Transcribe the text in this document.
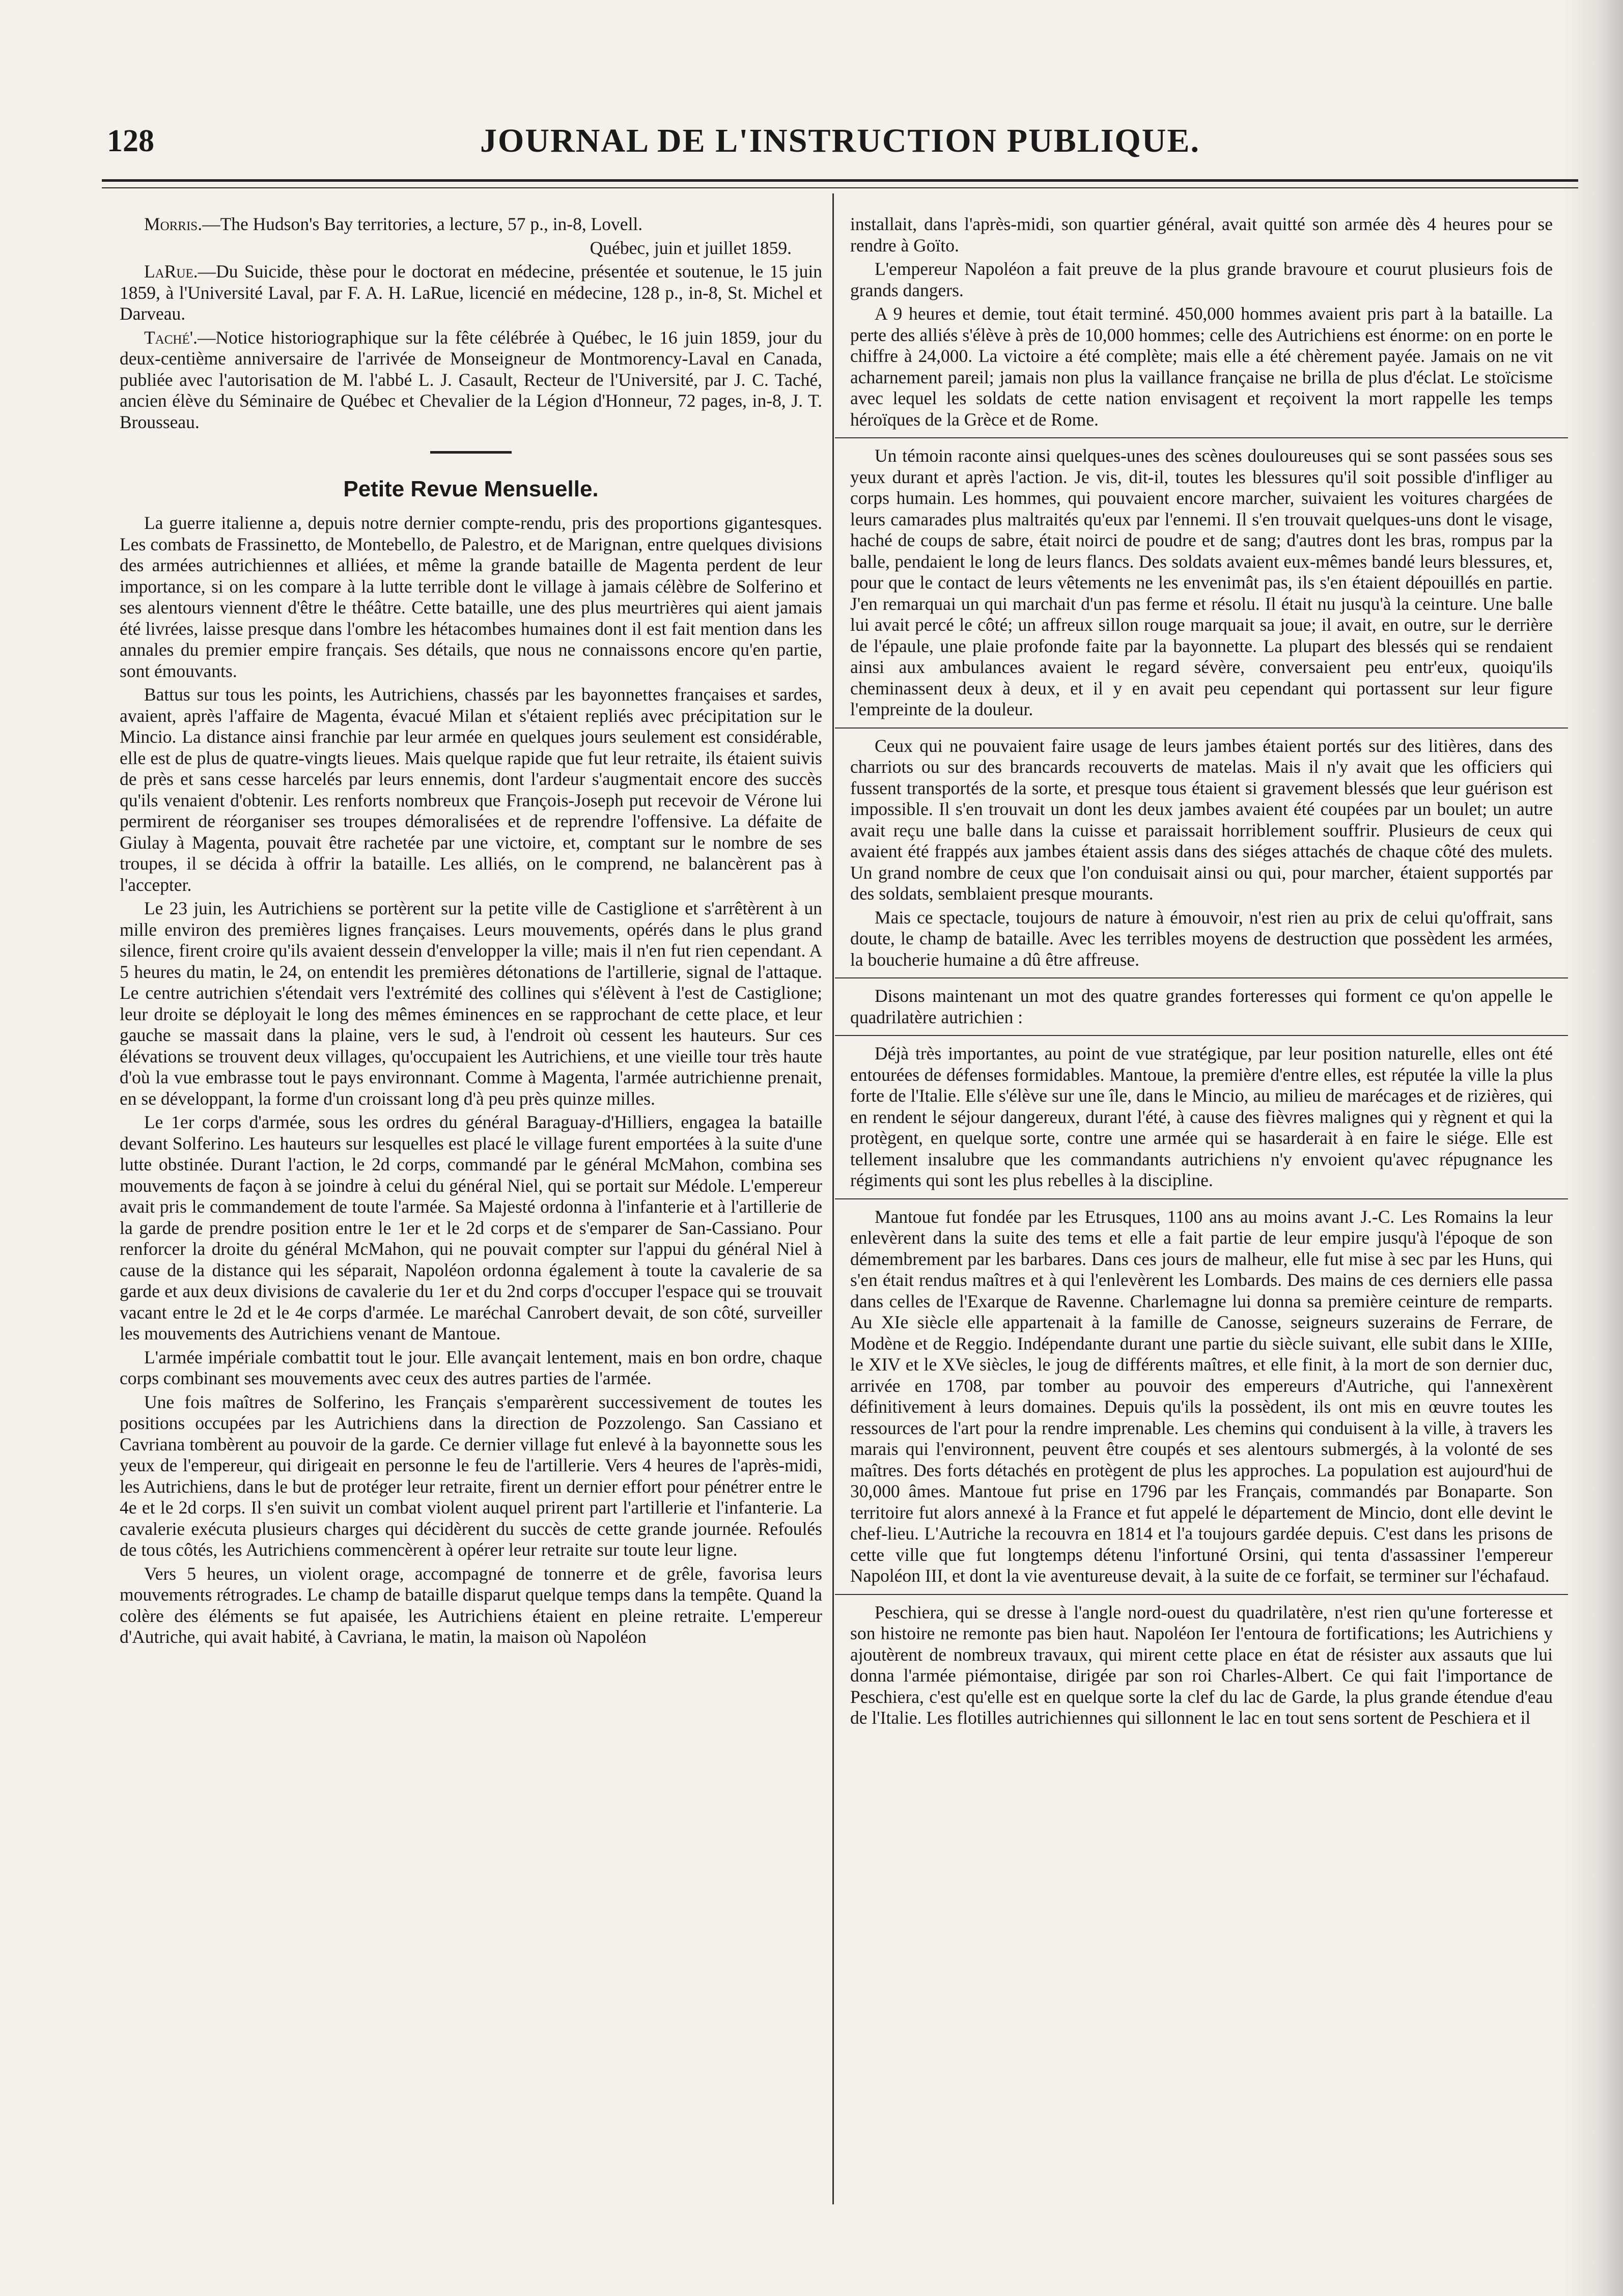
128	JOURNAL DE L'INSTRUCTION PUBLIQUE.

Morris.—The Hudson's Bay territories, a lecture, 57 p., in-8, Lovell.

Québec, juin et juillet 1859.

LaRue.—Du Suicide, thèse pour le doctorat en médecine, présentée et soutenue, le 15 juin 1859, à l'Université Laval, par F. A. H. LaRue, licencié en médecine, 128 p., in-8, St. Michel et Darveau.

Taché'.—Notice historiographique sur la fête célébrée à Québec, le 16 juin 1859, jour du deux-centième anniversaire de l'arrivée de Monseigneur de Montmorency-Laval en Canada, publiée avec l'autorisation de M. l'abbé L. J. Casault, Recteur de l'Université, par J. C. Taché, ancien élève du Séminaire de Québec et Chevalier de la Légion d'Honneur, 72 pages, in-8, J. T. Brousseau.

Petite Revue Mensuelle.

La guerre italienne a, depuis notre dernier compte-rendu, pris des proportions gigantesques. Les combats de Frassinetto, de Montebello, de Palestro, et de Marignan, entre quelques divisions des armées autrichiennes et alliées, et même la grande bataille de Magenta perdent de leur importance, si on les compare à la lutte terrible dont le village à jamais célèbre de Solferino et ses alentours viennent d'être le théâtre. Cette bataille, une des plus meurtrières qui aient jamais été livrées, laisse presque dans l'ombre les hétacombes humaines dont il est fait mention dans les annales du premier empire français. Ses détails, que nous ne connaissons encore qu'en partie, sont émouvants.

Battus sur tous les points, les Autrichiens, chassés par les bayonnettes françaises et sardes, avaient, après l'affaire de Magenta, évacué Milan et s'étaient repliés avec précipitation sur le Mincio. La distance ainsi franchie par leur armée en quelques jours seulement est considérable, elle est de plus de quatre-vingts lieues. Mais quelque rapide que fut leur retraite, ils étaient suivis de près et sans cesse harcelés par leurs ennemis, dont l'ardeur s'augmentait encore des succès qu'ils venaient d'obtenir. Les renforts nombreux que François-Joseph put recevoir de Vérone lui permirent de réorganiser ses troupes démoralisées et de reprendre l'offensive. La défaite de Giulay à Magenta, pouvait être rachetée par une victoire, et, comptant sur le nombre de ses troupes, il se décida à offrir la bataille. Les alliés, on le comprend, ne balancèrent pas à l'accepter.

Le 23 juin, les Autrichiens se portèrent sur la petite ville de Castiglione et s'arrêtèrent à un mille environ des premières lignes françaises. Leurs mouvements, opérés dans le plus grand silence, firent croire qu'ils avaient dessein d'envelopper la ville; mais il n'en fut rien cependant. A 5 heures du matin, le 24, on entendit les premières détonations de l'artillerie, signal de l'attaque. Le centre autrichien s'étendait vers l'extrémité des collines qui s'élèvent à l'est de Castiglione; leur droite se déployait le long des mêmes éminences en se rapprochant de cette place, et leur gauche se massait dans la plaine, vers le sud, à l'endroit où cessent les hauteurs. Sur ces élévations se trouvent deux villages, qu'occupaient les Autrichiens, et une vieille tour très haute d'où la vue embrasse tout le pays environnant. Comme à Magenta, l'armée autrichienne prenait, en se développant, la forme d'un croissant long d'à peu près quinze milles.

Le 1er corps d'armée, sous les ordres du général Baraguay-d'Hilliers, engagea la bataille devant Solferino. Les hauteurs sur lesquelles est placé le village furent emportées à la suite d'une lutte obstinée. Durant l'action, le 2d corps, commandé par le général McMahon, combina ses mouvements de façon à se joindre à celui du général Niel, qui se portait sur Médole. L'empereur avait pris le commandement de toute l'armée. Sa Majesté ordonna à l'infanterie et à l'artillerie de la garde de prendre position entre le 1er et le 2d corps et de s'emparer de San-Cassiano. Pour renforcer la droite du général McMahon, qui ne pouvait compter sur l'appui du général Niel à cause de la distance qui les séparait, Napoléon ordonna également à toute la cavalerie de sa garde et aux deux divisions de cavalerie du 1er et du 2nd corps d'occuper l'espace qui se trouvait vacant entre le 2d et le 4e corps d'armée. Le maréchal Canrobert devait, de son côté, surveiller les mouvements des Autrichiens venant de Mantoue.

L'armée impériale combattit tout le jour. Elle avançait lentement, mais en bon ordre, chaque corps combinant ses mouvements avec ceux des autres parties de l'armée.

Une fois maîtres de Solferino, les Français s'emparèrent successivement de toutes les positions occupées par les Autrichiens dans la direction de Pozzolengo. San Cassiano et Cavriana tombèrent au pouvoir de la garde. Ce dernier village fut enlevé à la bayonnette sous les yeux de l'empereur, qui dirigeait en personne le feu de l'artillerie. Vers 4 heures de l'après-midi, les Autrichiens, dans le but de protéger leur retraite, firent un dernier effort pour pénétrer entre le 4e et le 2d corps. Il s'en suivit un combat violent auquel prirent part l'artillerie et l'infanterie. La cavalerie exécuta plusieurs charges qui décidèrent du succès de cette grande journée. Refoulés de tous côtés, les Autrichiens commencèrent à opérer leur retraite sur toute leur ligne.

Vers 5 heures, un violent orage, accompagné de tonnerre et de grêle, favorisa leurs mouvements rétrogrades. Le champ de bataille disparut quelque temps dans la tempête. Quand la colère des éléments se fut apaisée, les Autrichiens étaient en pleine retraite. L'empereur d'Autriche, qui avait habité, à Cavriana, le matin, la maison où Napoléon

installait, dans l'après-midi, son quartier général, avait quitté son armée dès 4 heures pour se rendre à Goïto.

L'empereur Napoléon a fait preuve de la plus grande bravoure et courut plusieurs fois de grands dangers.

A 9 heures et demie, tout était terminé. 450,000 hommes avaient pris part à la bataille. La perte des alliés s'élève à près de 10,000 hommes; celle des Autrichiens est énorme: on en porte le chiffre à 24,000. La victoire a été complète; mais elle a été chèrement payée. Jamais on ne vit acharnement pareil; jamais non plus la vaillance française ne brilla de plus d'éclat. Le stoïcisme avec lequel les soldats de cette nation envisagent et reçoivent la mort rappelle les temps héroïques de la Grèce et de Rome.

Un témoin raconte ainsi quelques-unes des scènes douloureuses qui se sont passées sous ses yeux durant et après l'action. Je vis, dit-il, toutes les blessures qu'il soit possible d'infliger au corps humain. Les hommes, qui pouvaient encore marcher, suivaient les voitures chargées de leurs camarades plus maltraités qu'eux par l'ennemi. Il s'en trouvait quelques-uns dont le visage, haché de coups de sabre, était noirci de poudre et de sang; d'autres dont les bras, rompus par la balle, pendaient le long de leurs flancs. Des soldats avaient eux-mêmes bandé leurs blessures, et, pour que le contact de leurs vêtements ne les envenimât pas, ils s'en étaient dépouillés en partie. J'en remarquai un qui marchait d'un pas ferme et résolu. Il était nu jusqu'à la ceinture. Une balle lui avait percé le côté; un affreux sillon rouge marquait sa joue; il avait, en outre, sur le derrière de l'épaule, une plaie profonde faite par la bayonnette. La plupart des blessés qui se rendaient ainsi aux ambulances avaient le regard sévère, conversaient peu entr'eux, quoiqu'ils cheminassent deux à deux, et il y en avait peu cependant qui portassent sur leur figure l'empreinte de la douleur.

Ceux qui ne pouvaient faire usage de leurs jambes étaient portés sur des litières, dans des charriots ou sur des brancards recouverts de matelas. Mais il n'y avait que les officiers qui fussent transportés de la sorte, et presque tous étaient si gravement blessés que leur guérison est impossible. Il s'en trouvait un dont les deux jambes avaient été coupées par un boulet; un autre avait reçu une balle dans la cuisse et paraissait horriblement souffrir. Plusieurs de ceux qui avaient été frappés aux jambes étaient assis dans des siéges attachés de chaque côté des mulets. Un grand nombre de ceux que l'on conduisait ainsi ou qui, pour marcher, étaient supportés par des soldats, semblaient presque mourants.

Mais ce spectacle, toujours de nature à émouvoir, n'est rien au prix de celui qu'offrait, sans doute, le champ de bataille. Avec les terribles moyens de destruction que possèdent les armées, la boucherie humaine a dû être affreuse.

Disons maintenant un mot des quatre grandes forteresses qui forment ce qu'on appelle le quadrilatère autrichien :

Déjà très importantes, au point de vue stratégique, par leur position naturelle, elles ont été entourées de défenses formidables. Mantoue, la première d'entre elles, est réputée la ville la plus forte de l'Italie. Elle s'élève sur une île, dans le Mincio, au milieu de marécages et de rizières, qui en rendent le séjour dangereux, durant l'été, à cause des fièvres malignes qui y règnent et qui la protègent, en quelque sorte, contre une armée qui se hasarderait à en faire le siége. Elle est tellement insalubre que les commandants autrichiens n'y envoient qu'avec répugnance les régiments qui sont les plus rebelles à la discipline.

Mantoue fut fondée par les Etrusques, 1100 ans au moins avant J.-C. Les Romains la leur enlevèrent dans la suite des tems et elle a fait partie de leur empire jusqu'à l'époque de son démembrement par les barbares. Dans ces jours de malheur, elle fut mise à sec par les Huns, qui s'en était rendus maîtres et à qui l'enlevèrent les Lombards. Des mains de ces derniers elle passa dans celles de l'Exarque de Ravenne. Charlemagne lui donna sa première ceinture de remparts. Au XIe siècle elle appartenait à la famille de Canosse, seigneurs suzerains de Ferrare, de Modène et de Reggio. Indépendante durant une partie du siècle suivant, elle subit dans le XIIIe, le XIV et le XVe siècles, le joug de différents maîtres, et elle finit, à la mort de son dernier duc, arrivée en 1708, par tomber au pouvoir des empereurs d'Autriche, qui l'annexèrent définitivement à leurs domaines. Depuis qu'ils la possèdent, ils ont mis en œuvre toutes les ressources de l'art pour la rendre imprenable. Les chemins qui conduisent à la ville, à travers les marais qui l'environnent, peuvent être coupés et ses alentours submergés, à la volonté de ses maîtres. Des forts détachés en protègent de plus les approches. La population est aujourd'hui de 30,000 âmes. Mantoue fut prise en 1796 par les Français, commandés par Bonaparte. Son territoire fut alors annexé à la France et fut appelé le département de Mincio, dont elle devint le chef-lieu. L'Autriche la recouvra en 1814 et l'a toujours gardée depuis. C'est dans les prisons de cette ville que fut longtemps détenu l'infortuné Orsini, qui tenta d'assassiner l'empereur Napoléon III, et dont la vie aventureuse devait, à la suite de ce forfait, se terminer sur l'échafaud.

Peschiera, qui se dresse à l'angle nord-ouest du quadrilatère, n'est rien qu'une forteresse et son histoire ne remonte pas bien haut. Napoléon Ier l'entoura de fortifications; les Autrichiens y ajoutèrent de nombreux travaux, qui mirent cette place en état de résister aux assauts que lui donna l'armée piémontaise, dirigée par son roi Charles-Albert. Ce qui fait l'importance de Peschiera, c'est qu'elle est en quelque sorte la clef du lac de Garde, la plus grande étendue d'eau de l'Italie. Les flotilles autrichiennes qui sillonnent le lac en tout sens sortent de Peschiera et il
